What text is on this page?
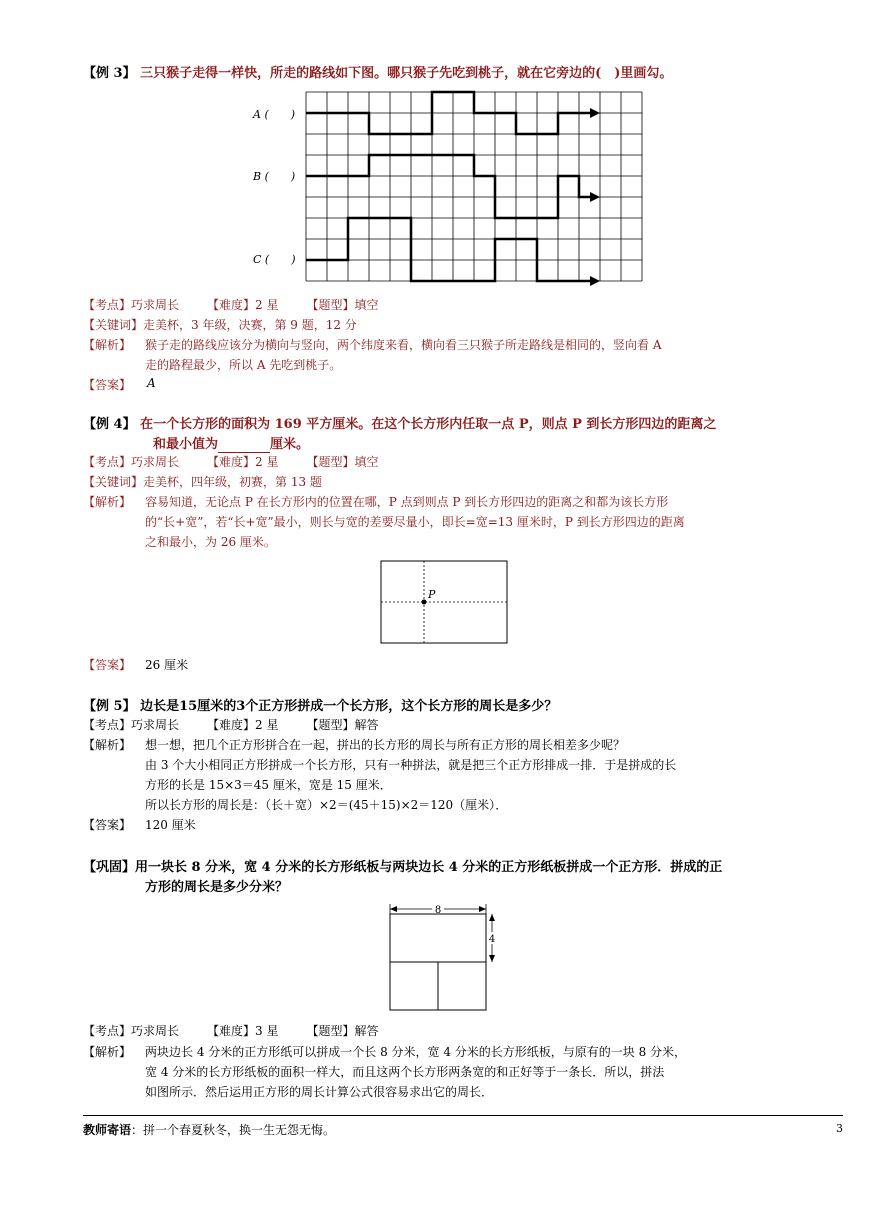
【例 3】 三只猴子走得一样快，所走的路线如下图。哪只猴子先吃到桃子，就在它旁边的(　)里画勾。
A (　　)
B (　　)
C (　　)
【考点】巧求周长 【难度】2 星 【题型】填空
【关键词】走美杯，3 年级，决赛，第 9 题，12 分
【解析】 猴子走的路线应该分为横向与竖向，两个纬度来看，横向看三只猴子所走路线是相同的，竖向看 A
走的路程最少，所以 A 先吃到桃子。
【答案】 A
【例 4】 在一个长方形的面积为 169 平方厘米。在这个长方形内任取一点 P，则点 P 到长方形四边的距离之
和最小值为	厘米。
【考点】巧求周长 【难度】2 星 【题型】填空
【关键词】走美杯，四年级，初赛，第 13 题
【解析】 容易知道，无论点 P 在长方形内的位置在哪，P 点到则点 P 到长方形四边的距离之和都为该长方形
的“长+宽”，若“长+宽”最小，则长与宽的差要尽量小，即长=宽=13 厘米时，P 到长方形四边的距离
之和最小，为 26 厘米。
P
【答案】 26 厘米
【例 5】 边长是15厘米的3个正方形拼成一个长方形，这个长方形的周长是多少？
【考点】巧求周长 【难度】2 星 【题型】解答
【解析】 想一想，把几个正方形拼合在一起，拼出的长方形的周长与所有正方形的周长相差多少呢？
由 3 个大小相同正方形拼成一个长方形，只有一种拼法，就是把三个正方形排成一排．于是拼成的长
方形的长是 15×3＝45 厘米，宽是 15 厘米．
所以长方形的周长是：（长＋宽）×2＝(45＋15)×2＝120（厘米）．
【答案】 120 厘米
【巩固】用一块长 8 分米，宽 4 分米的长方形纸板与两块边长 4 分米的正方形纸板拼成一个正方形．拼成的正
方形的周长是多少分米？
8
4
【考点】巧求周长 【难度】3 星 【题型】解答
【解析】 两块边长 4 分米的正方形纸可以拼成一个长 8 分米，宽 4 分米的长方形纸板，与原有的一块 8 分米，
宽 4 分米的长方形纸板的面积一样大，而且这两个长方形两条宽的和正好等于一条长．所以，拼法
如图所示．然后运用正方形的周长计算公式很容易求出它的周长．
教师寄语：拼一个春夏秋冬，换一生无怨无悔。	3
